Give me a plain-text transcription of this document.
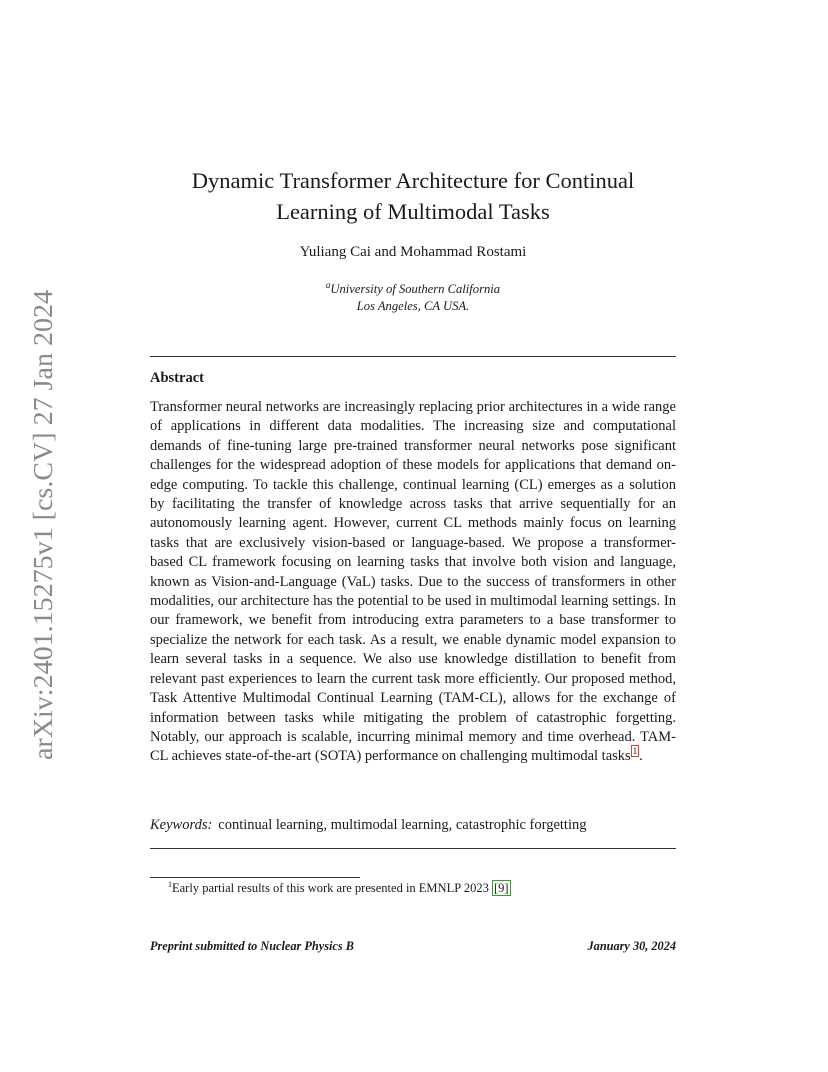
arXiv:2401.15275v1 [cs.CV] 27 Jan 2024
Dynamic Transformer Architecture for Continual
Learning of Multimodal Tasks
Yuliang Cai and Mohammad Rostami
$^a$University of Southern California
Los Angeles, CA USA.
Abstract
Transformer neural networks are increasingly replacing prior architectures in a wide range of applications in different data modalities. The increasing size and computational demands of fine-tuning large pre-trained transformer neural networks pose significant challenges for the widespread adoption of these models for applications that demand on-edge computing. To tackle this challenge, continual learning (CL) emerges as a solution by facilitating the transfer of knowledge across tasks that arrive sequentially for an autonomously learning agent. However, current CL methods mainly focus on learning tasks that are exclusively vision-based or language-based. We propose a transformer-based CL framework focusing on learning tasks that involve both vision and language, known as Vision-and-Language (VaL) tasks. Due to the success of transformers in other modalities, our architecture has the potential to be used in multimodal learning settings. In our framework, we benefit from introducing extra parameters to a base transformer to specialize the network for each task. As a result, we enable dynamic model expansion to learn several tasks in a sequence. We also use knowledge distillation to benefit from relevant past experiences to learn the current task more efficiently. Our proposed method, Task Attentive Multimodal Continual Learning (TAM-CL), allows for the exchange of information between tasks while mitigating the problem of catastrophic forgetting. Notably, our approach is scalable, incurring minimal memory and time overhead. TAM-CL achieves state-of-the-art (SOTA) performance on challenging multimodal tasks $^1$ .
Keywords: continual learning, multimodal learning, catastrophic forgetting
$^1$Early partial results of this work are presented in EMNLP 2023 [9]
Preprint submitted to Nuclear Physics B	January 30, 2024
